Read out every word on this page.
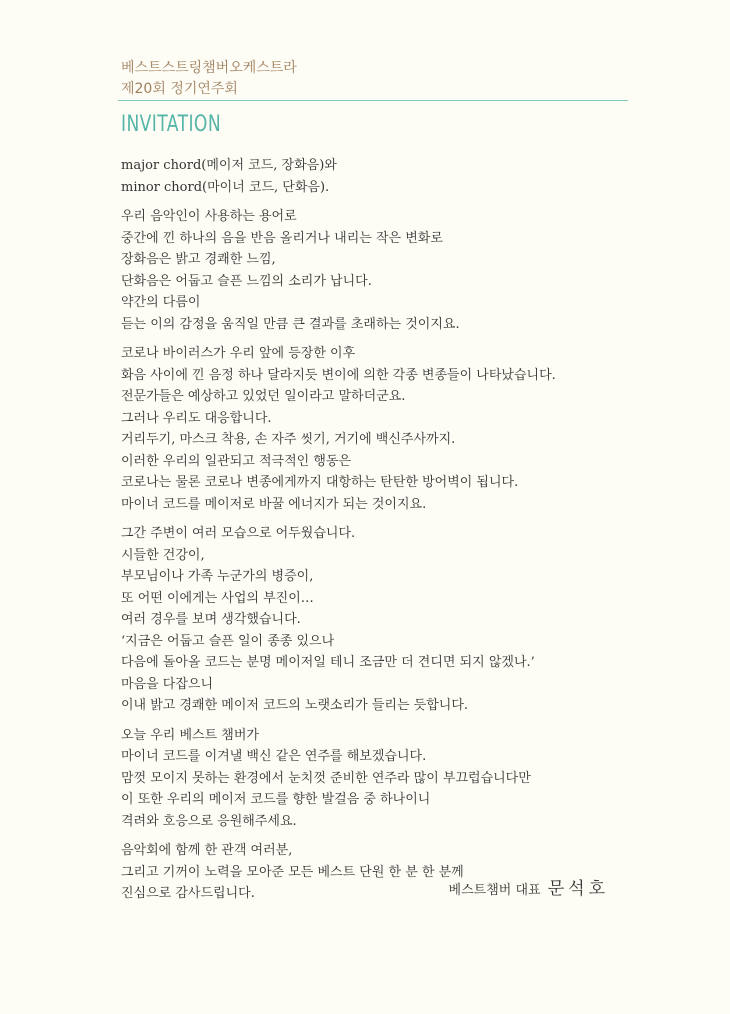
베스트스트링챔버오케스트라
제20회 정기연주회
INVITATION
major chord(메이저 코드, 장화음)와
minor chord(마이너 코드, 단화음).
우리 음악인이 사용하는 용어로
중간에 낀 하나의 음을 반음 올리거나 내리는 작은 변화로
장화음은 밝고 경쾌한 느낌,
단화음은 어둡고 슬픈 느낌의 소리가 납니다.
약간의 다름이
듣는 이의 감정을 움직일 만큼 큰 결과를 초래하는 것이지요.
코로나 바이러스가 우리 앞에 등장한 이후
화음 사이에 낀 음정 하나 달라지듯 변이에 의한 각종 변종들이 나타났습니다.
전문가들은 예상하고 있었던 일이라고 말하더군요.
그러나 우리도 대응합니다.
거리두기, 마스크 착용, 손 자주 씻기, 거기에 백신주사까지.
이러한 우리의 일관되고 적극적인 행동은
코로나는 물론 코로나 변종에게까지 대항하는 탄탄한 방어벽이 됩니다.
마이너 코드를 메이저로 바꿀 에너지가 되는 것이지요.
그간 주변이 여러 모습으로 어두웠습니다.
시들한 건강이,
부모님이나 가족 누군가의 병증이,
또 어떤 이에게는 사업의 부진이…
여러 경우를 보며 생각했습니다.
‘지금은 어둡고 슬픈 일이 종종 있으나
다음에 돌아올 코드는 분명 메이저일 테니 조금만 더 견디면 되지 않겠나.’
마음을 다잡으니
이내 밝고 경쾌한 메이저 코드의 노랫소리가 들리는 듯합니다.
오늘 우리 베스트 챔버가
마이너 코드를 이겨낼 백신 같은 연주를 해보겠습니다.
맘껏 모이지 못하는 환경에서 눈치껏 준비한 연주라 많이 부끄럽습니다만
이 또한 우리의 메이저 코드를 향한 발걸음 중 하나이니
격려와 호응으로 응원해주세요.
음악회에 함께 한 관객 여러분,
그리고 기꺼이 노력을 모아준 모든 베스트 단원 한 분 한 분께
진심으로 감사드립니다.	베스트챔버 대표 문석호
